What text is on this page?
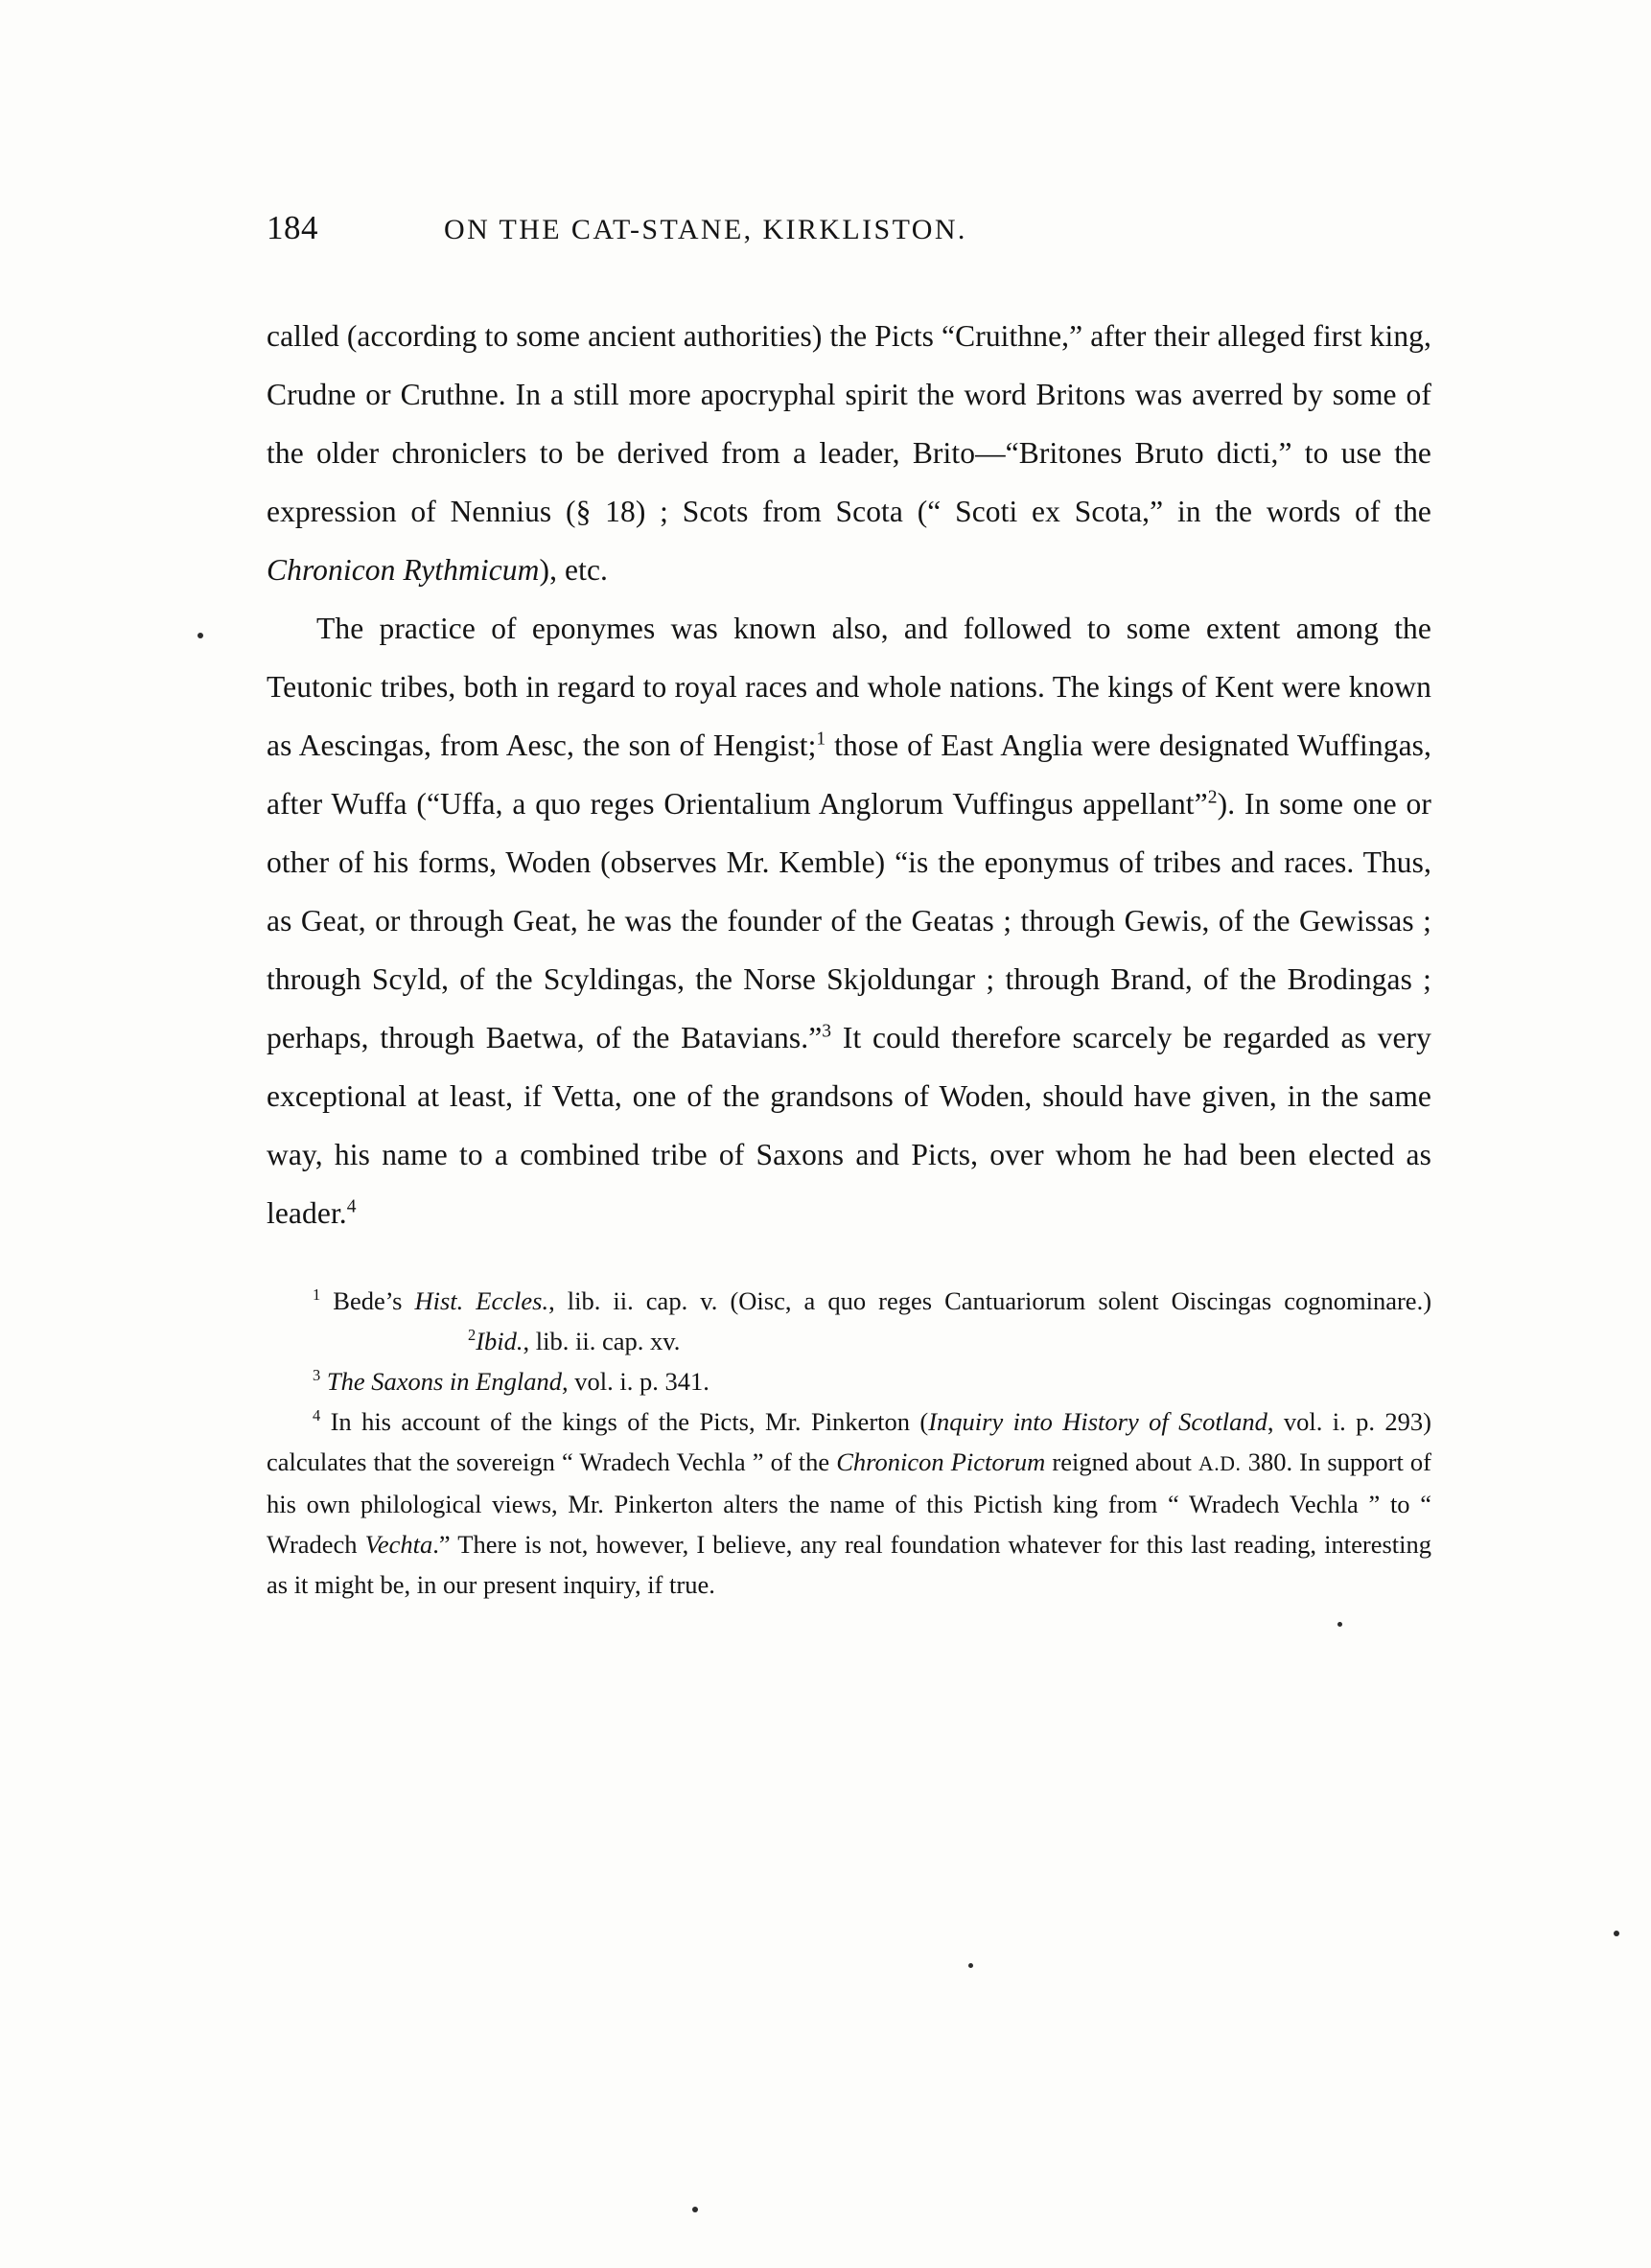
184	ON THE CAT-STANE, KIRKLISTON.

called (according to some ancient authorities) the Picts “Cruithne,” after their alleged first king, Crudne or Cruthne. In a still more apocryphal spirit the word Britons was averred by some of the older chroniclers to be derived from a leader, Brito—“Britones Bruto dicti,” to use the expression of Nennius (§ 18) ; Scots from Scota (“ Scoti ex Scota,” in the words of the Chronicon Rythmicum), etc.

The practice of eponymes was known also, and followed to some extent among the Teutonic tribes, both in regard to royal races and whole nations. The kings of Kent were known as Aescingas, from Aesc, the son of Hengist;$^1$ those of East Anglia were designated Wuffingas, after Wuffa (“Uffa, a quo reges Orientalium Anglorum Vuffingus appellant”$^2$). In some one or other of his forms, Woden (observes Mr. Kemble) “is the eponymus of tribes and races. Thus, as Geat, or through Geat, he was the founder of the Geatas ; through Gewis, of the Gewissas ; through Scyld, of the Scyldingas, the Norse Skjoldungar ; through Brand, of the Brodingas ; perhaps, through Baetwa, of the Batavians.”$^3$ It could therefore scarcely be regarded as very exceptional at least, if Vetta, one of the grandsons of Woden, should have given, in the same way, his name to a combined tribe of Saxons and Picts, over whom he had been elected as leader.$^4$

$^1$ Bede’s Hist. Eccles., lib. ii. cap. v. (Oisc, a quo reges Cantuariorum solent Oiscingas cognominare.)$^2$Ibid., lib. ii. cap. xv.

$^3$ The Saxons in England, vol. i. p. 341.

$^4$ In his account of the kings of the Picts, Mr. Pinkerton (Inquiry into History of Scotland, vol. i. p. 293) calculates that the sovereign “ Wradech Vechla ” of the Chronicon Pictorum reigned about A.D. 380. In support of his own philological views, Mr. Pinkerton alters the name of this Pictish king from “ Wradech Vechla ” to “ Wradech Vechta.” There is not, however, I believe, any real foundation whatever for this last reading, interesting as it might be, in our present inquiry, if true.
